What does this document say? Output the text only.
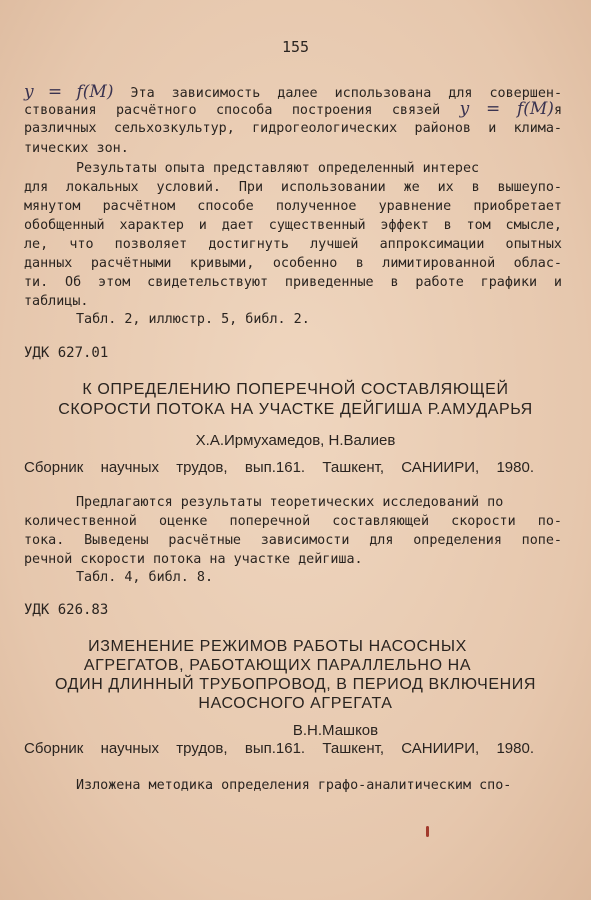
155
y = f(M) Эта зависимость далее использована для совершен-
ствования расчётного способа построения связей y = f(M)я
различных сельхозкультур, гидрогеологических районов и клима-
тических зон.
Результаты опыта представляют определенный интерес
для локальных условий. При использовании же их в вышеупо-
мянутом расчётном способе полученное уравнение приобретает
обобщенный характер и дает существенный эффект в том смысле,
ле, что позволяет достигнуть лучшей аппроксимации опытных
данных расчётными кривыми, особенно в лимитированной облас-
ти. Об этом свидетельствуют приведенные в работе графики и
таблицы.
Табл. 2, иллюстр. 5, библ. 2.
УДК 627.01
К ОПРЕДЕЛЕНИЮ ПОПЕРЕЧНОЙ СОСТАВЛЯЮЩЕЙ
СКОРОСТИ ПОТОКА НА УЧАСТКЕ ДЕЙГИША Р.АМУДАРЬЯ
Х.А.Ирмухамедов, Н.Валиев
Сборник научных трудов, вып.161. Ташкент, САНИИРИ, 1980.
Предлагаются результаты теоретических исследований по
количественной оценке поперечной составляющей скорости по-
тока. Выведены расчётные зависимости для определения попе-
речной скорости потока на участке дейгиша.
Табл. 4, библ. 8.
УДК 626.83
ИЗМЕНЕНИЕ РЕЖИМОВ РАБОТЫ НАСОСНЫХ
АГРЕГАТОВ, РАБОТАЮЩИХ ПАРАЛЛЕЛЬНО НА
ОДИН ДЛИННЫЙ ТРУБОПРОВОД, В ПЕРИОД ВКЛЮЧЕНИЯ
НАСОСНОГО АГРЕГАТА
В.Н.Машков
Сборник научных трудов, вып.161. Ташкент, САНИИРИ, 1980.
Изложена методика определения графо-аналитическим спо-
